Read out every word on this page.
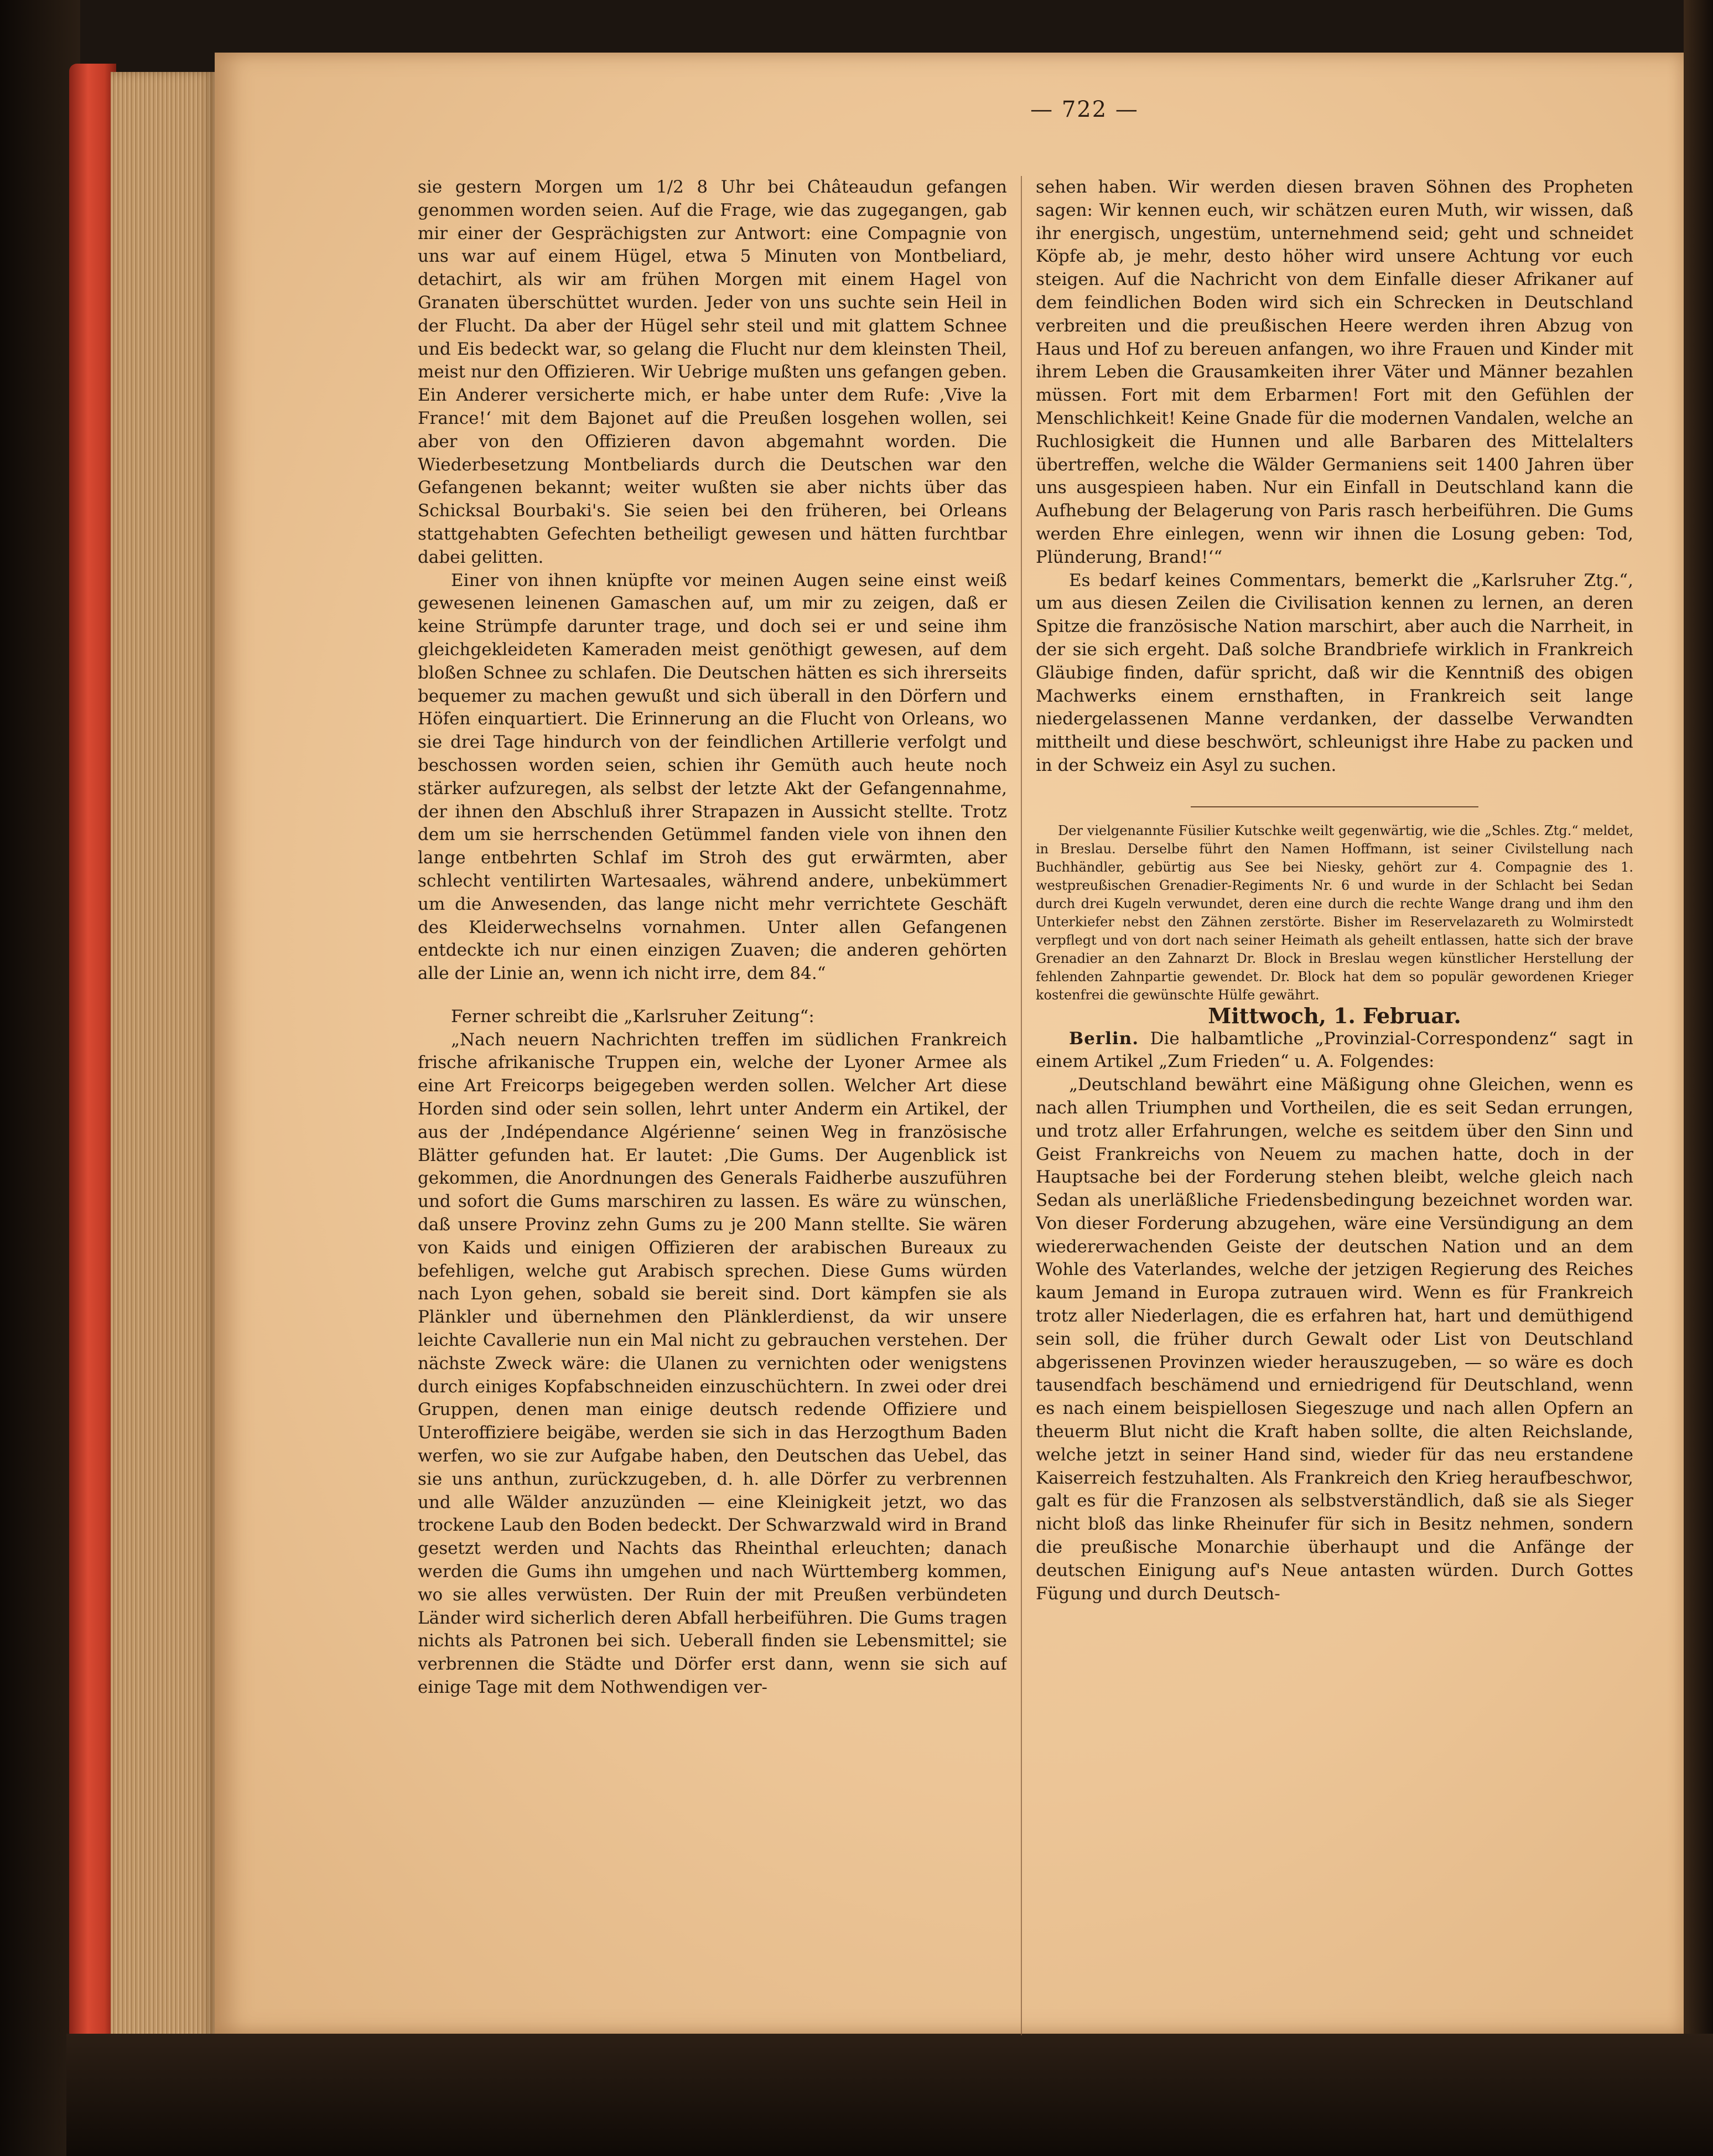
— 722 —

sie gestern Morgen um 1/2 8 Uhr bei Châteaudun gefangen genommen worden seien. Auf die Frage, wie das zugegangen, gab mir einer der Gesprächigsten zur Antwort: eine Compagnie von uns war auf einem Hügel, etwa 5 Minuten von Montbeliard, detachirt, als wir am frühen Morgen mit einem Hagel von Granaten überschüttet wurden. Jeder von uns suchte sein Heil in der Flucht. Da aber der Hügel sehr steil und mit glattem Schnee und Eis bedeckt war, so gelang die Flucht nur dem kleinsten Theil, meist nur den Offizieren. Wir Uebrige mußten uns gefangen geben. Ein Anderer versicherte mich, er habe unter dem Rufe: ‚Vive la France!‘ mit dem Bajonet auf die Preußen losgehen wollen, sei aber von den Offizieren davon abgemahnt worden. Die Wiederbesetzung Montbeliards durch die Deutschen war den Gefangenen bekannt; weiter wußten sie aber nichts über das Schicksal Bourbaki's. Sie seien bei den früheren, bei Orleans stattgehabten Gefechten betheiligt gewesen und hätten furchtbar dabei gelitten.

Einer von ihnen knüpfte vor meinen Augen seine einst weiß gewesenen leinenen Gamaschen auf, um mir zu zeigen, daß er keine Strümpfe darunter trage, und doch sei er und seine ihm gleichgekleideten Kameraden meist genöthigt gewesen, auf dem bloßen Schnee zu schlafen. Die Deutschen hätten es sich ihrerseits bequemer zu machen gewußt und sich überall in den Dörfern und Höfen einquartiert. Die Erinnerung an die Flucht von Orleans, wo sie drei Tage hindurch von der feindlichen Artillerie verfolgt und beschossen worden seien, schien ihr Gemüth auch heute noch stärker aufzuregen, als selbst der letzte Akt der Gefangennahme, der ihnen den Abschluß ihrer Strapazen in Aussicht stellte. Trotz dem um sie herrschenden Getümmel fanden viele von ihnen den lange entbehrten Schlaf im Stroh des gut erwärmten, aber schlecht ventilirten Wartesaales, während andere, unbekümmert um die Anwesenden, das lange nicht mehr verrichtete Geschäft des Kleiderwechselns vornahmen. Unter allen Gefangenen entdeckte ich nur einen einzigen Zuaven; die anderen gehörten alle der Linie an, wenn ich nicht irre, dem 84.“

Ferner schreibt die „Karlsruher Zeitung“:

„Nach neuern Nachrichten treffen im südlichen Frankreich frische afrikanische Truppen ein, welche der Lyoner Armee als eine Art Freicorps beigegeben werden sollen. Welcher Art diese Horden sind oder sein sollen, lehrt unter Anderm ein Artikel, der aus der ‚Indépendance Algérienne‘ seinen Weg in französische Blätter gefunden hat. Er lautet: ‚Die Gums. Der Augenblick ist gekommen, die Anordnungen des Generals Faidherbe auszuführen und sofort die Gums marschiren zu lassen. Es wäre zu wünschen, daß unsere Provinz zehn Gums zu je 200 Mann stellte. Sie wären von Kaids und einigen Offizieren der arabischen Bureaux zu befehligen, welche gut Arabisch sprechen. Diese Gums würden nach Lyon gehen, sobald sie bereit sind. Dort kämpfen sie als Plänkler und übernehmen den Plänklerdienst, da wir unsere leichte Cavallerie nun ein Mal nicht zu gebrauchen verstehen. Der nächste Zweck wäre: die Ulanen zu vernichten oder wenigstens durch einiges Kopfabschneiden einzuschüchtern. In zwei oder drei Gruppen, denen man einige deutsch redende Offiziere und Unteroffiziere beigäbe, werden sie sich in das Herzogthum Baden werfen, wo sie zur Aufgabe haben, den Deutschen das Uebel, das sie uns anthun, zurückzugeben, d. h. alle Dörfer zu verbrennen und alle Wälder anzuzünden — eine Kleinigkeit jetzt, wo das trockene Laub den Boden bedeckt. Der Schwarzwald wird in Brand gesetzt werden und Nachts das Rheinthal erleuchten; danach werden die Gums ihn umgehen und nach Württemberg kommen, wo sie alles verwüsten. Der Ruin der mit Preußen verbündeten Länder wird sicherlich deren Abfall herbeiführen. Die Gums tragen nichts als Patronen bei sich. Ueberall finden sie Lebensmittel; sie verbrennen die Städte und Dörfer erst dann, wenn sie sich auf einige Tage mit dem Nothwendigen ver-

sehen haben. Wir werden diesen braven Söhnen des Propheten sagen: Wir kennen euch, wir schätzen euren Muth, wir wissen, daß ihr energisch, ungestüm, unternehmend seid; geht und schneidet Köpfe ab, je mehr, desto höher wird unsere Achtung vor euch steigen. Auf die Nachricht von dem Einfalle dieser Afrikaner auf dem feindlichen Boden wird sich ein Schrecken in Deutschland verbreiten und die preußischen Heere werden ihren Abzug von Haus und Hof zu bereuen anfangen, wo ihre Frauen und Kinder mit ihrem Leben die Grausamkeiten ihrer Väter und Männer bezahlen müssen. Fort mit dem Erbarmen! Fort mit den Gefühlen der Menschlichkeit! Keine Gnade für die modernen Vandalen, welche an Ruchlosigkeit die Hunnen und alle Barbaren des Mittelalters übertreffen, welche die Wälder Germaniens seit 1400 Jahren über uns ausgespieen haben. Nur ein Einfall in Deutschland kann die Aufhebung der Belagerung von Paris rasch herbeiführen. Die Gums werden Ehre einlegen, wenn wir ihnen die Losung geben: Tod, Plünderung, Brand!‘“

Es bedarf keines Commentars, bemerkt die „Karlsruher Ztg.“, um aus diesen Zeilen die Civilisation kennen zu lernen, an deren Spitze die französische Nation marschirt, aber auch die Narrheit, in der sie sich ergeht. Daß solche Brandbriefe wirklich in Frankreich Gläubige finden, dafür spricht, daß wir die Kenntniß des obigen Machwerks einem ernsthaften, in Frankreich seit lange niedergelassenen Manne verdanken, der dasselbe Verwandten mittheilt und diese beschwört, schleunigst ihre Habe zu packen und in der Schweiz ein Asyl zu suchen.

Der vielgenannte Füsilier Kutschke weilt gegenwärtig, wie die „Schles. Ztg.“ meldet, in Breslau. Derselbe führt den Namen Hoffmann, ist seiner Civilstellung nach Buchhändler, gebürtig aus See bei Niesky, gehört zur 4. Compagnie des 1. westpreußischen Grenadier-Regiments Nr. 6 und wurde in der Schlacht bei Sedan durch drei Kugeln verwundet, deren eine durch die rechte Wange drang und ihm den Unterkiefer nebst den Zähnen zerstörte. Bisher im Reservelazareth zu Wolmirstedt verpflegt und von dort nach seiner Heimath als geheilt entlassen, hatte sich der brave Grenadier an den Zahnarzt Dr. Block in Breslau wegen künstlicher Herstellung der fehlenden Zahnpartie gewendet. Dr. Block hat dem so populär gewordenen Krieger kostenfrei die gewünschte Hülfe gewährt.

Mittwoch, 1. Februar.

Berlin. Die halbamtliche „Provinzial-Correspondenz“ sagt in einem Artikel „Zum Frieden“ u. A. Folgendes:

„Deutschland bewährt eine Mäßigung ohne Gleichen, wenn es nach allen Triumphen und Vortheilen, die es seit Sedan errungen, und trotz aller Erfahrungen, welche es seitdem über den Sinn und Geist Frankreichs von Neuem zu machen hatte, doch in der Hauptsache bei der Forderung stehen bleibt, welche gleich nach Sedan als unerläßliche Friedensbedingung bezeichnet worden war. Von dieser Forderung abzugehen, wäre eine Versündigung an dem wiedererwachenden Geiste der deutschen Nation und an dem Wohle des Vaterlandes, welche der jetzigen Regierung des Reiches kaum Jemand in Europa zutrauen wird. Wenn es für Frankreich trotz aller Niederlagen, die es erfahren hat, hart und demüthigend sein soll, die früher durch Gewalt oder List von Deutschland abgerissenen Provinzen wieder herauszugeben, — so wäre es doch tausendfach beschämend und erniedrigend für Deutschland, wenn es nach einem beispiellosen Siegeszuge und nach allen Opfern an theuerm Blut nicht die Kraft haben sollte, die alten Reichslande, welche jetzt in seiner Hand sind, wieder für das neu erstandene Kaiserreich festzuhalten. Als Frankreich den Krieg heraufbeschwor, galt es für die Franzosen als selbstverständlich, daß sie als Sieger nicht bloß das linke Rheinufer für sich in Besitz nehmen, sondern die preußische Monarchie überhaupt und die Anfänge der deutschen Einigung auf's Neue antasten würden. Durch Gottes Fügung und durch Deutsch-
